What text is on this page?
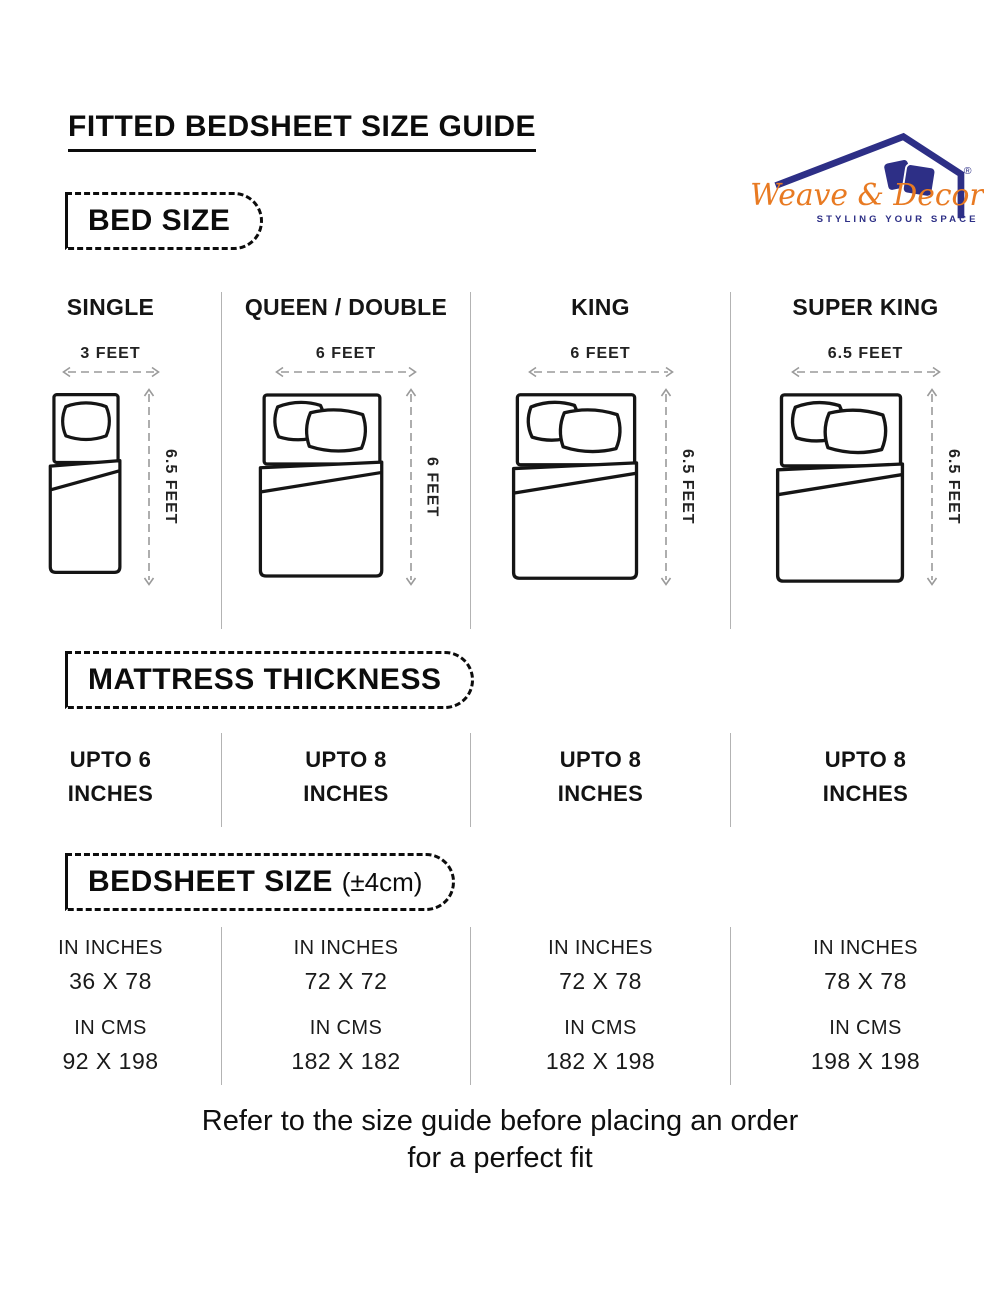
®
Weave & Decor
STYLING YOUR SPACE
FITTED BEDSHEET SIZE GUIDE
BED SIZE
SINGLE
3 FEET
6.5 FEET
QUEEN / DOUBLE
6 FEET
6 FEET
KING
6 FEET
6.5 FEET
SUPER KING
6.5 FEET
6.5 FEET
MATTRESS THICKNESS
UPTO 6
INCHES
UPTO 8
INCHES
UPTO 8
INCHES
UPTO 8
INCHES
BEDSHEET SIZE (±4cm)
IN INCHES
36 X 78
IN CMS
92 X 198
IN INCHES
72 X 72
IN CMS
182 X 182
IN INCHES
72 X 78
IN CMS
182 X 198
IN INCHES
78 X 78
IN CMS
198 X 198
Refer to the size guide before placing an order
for a perfect fit
